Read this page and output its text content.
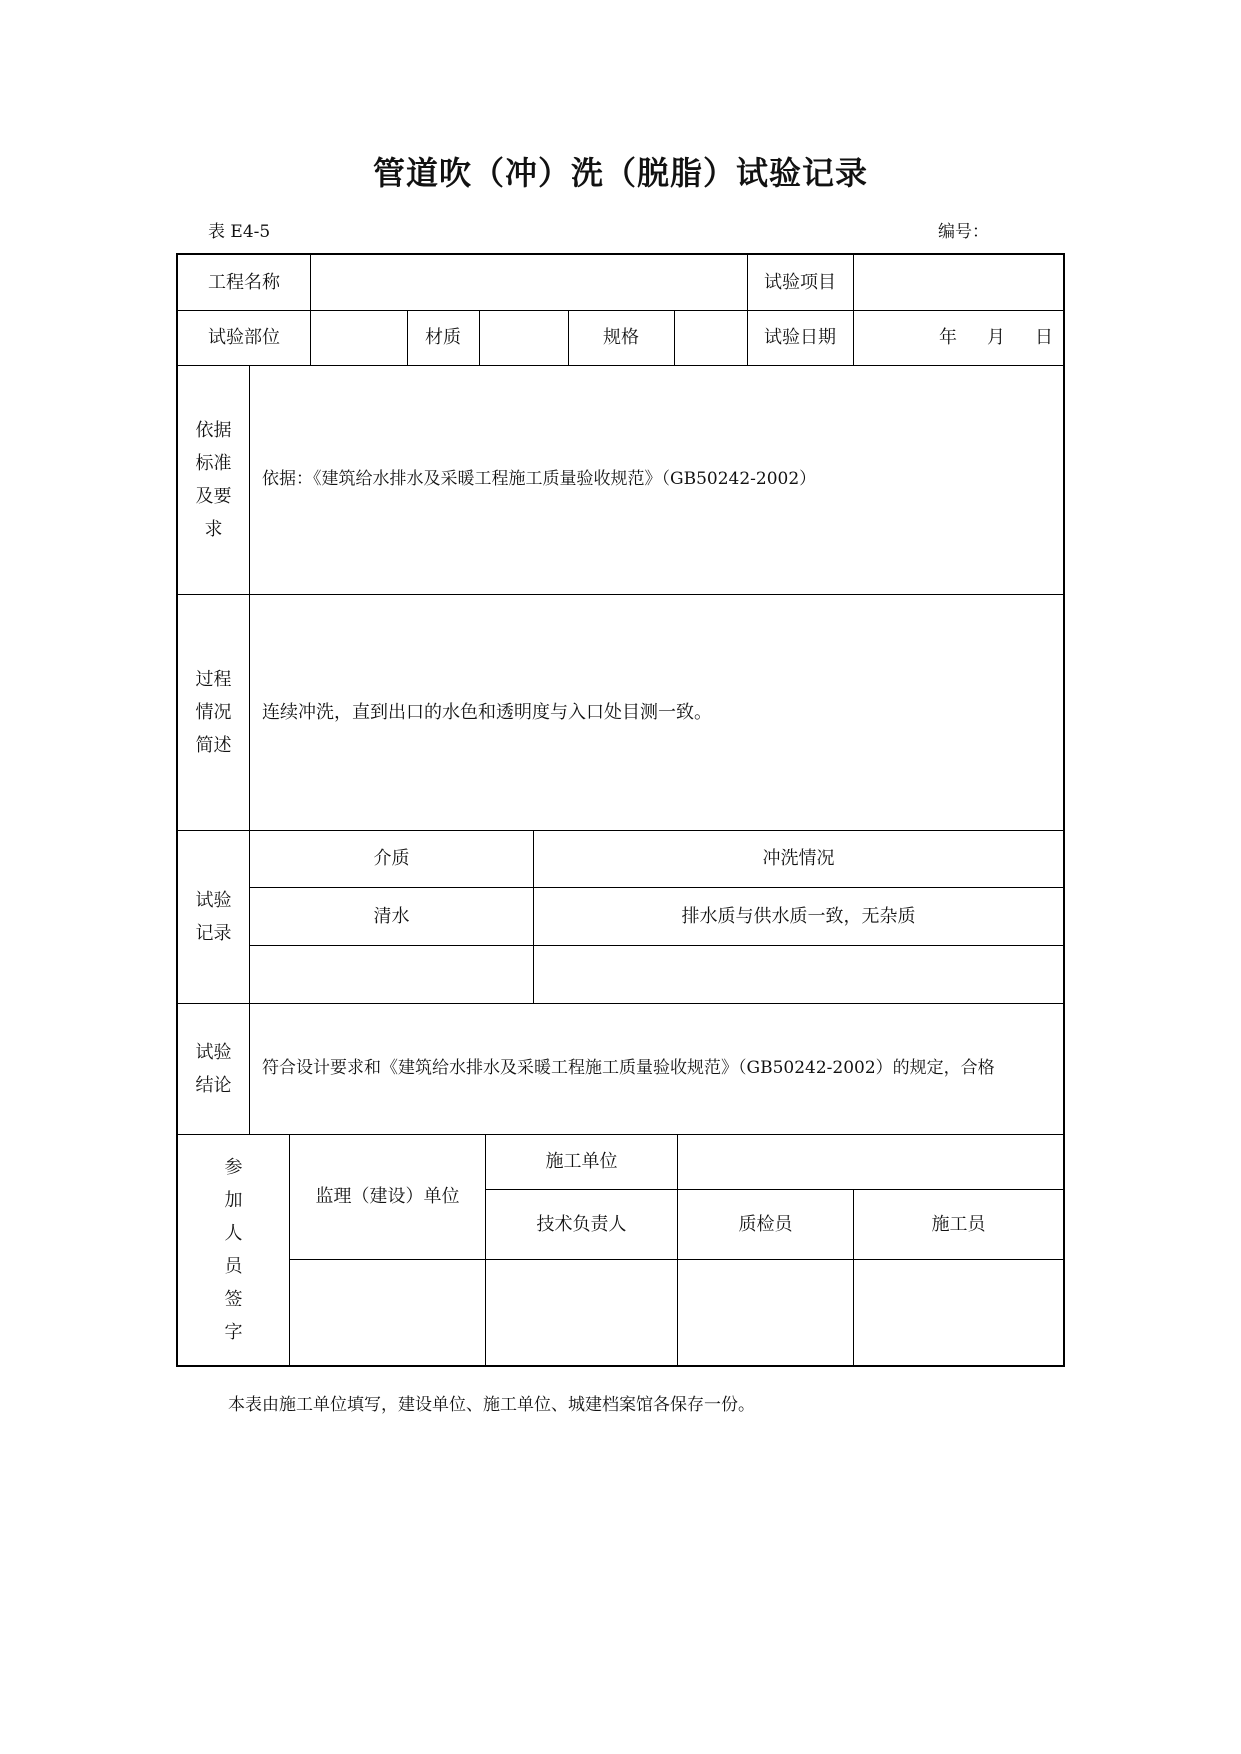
管道吹（冲）洗（脱脂）试验记录
表 E4-5	编号：
工程名称	试验项目
试验部位	材质	规格	试验日期	年 月 日
依据
标准
及要
求
依据：《建筑给水排水及采暖工程施工质量验收规范》（GB50242-2002）
过程
情况
简述
连续冲洗，直到出口的水色和透明度与入口处目测一致。
试验
记录
介质	冲洗情况
清水	排水质与供水质一致，无杂质
试验
结论
符合设计要求和《建筑给水排水及采暖工程施工质量验收规范》（GB50242-2002）的规定，合格
参
加
人
员
签
字
监理（建设）单位
施工单位
技术负责人	质检员	施工员
本表由施工单位填写，建设单位、施工单位、城建档案馆各保存一份。
